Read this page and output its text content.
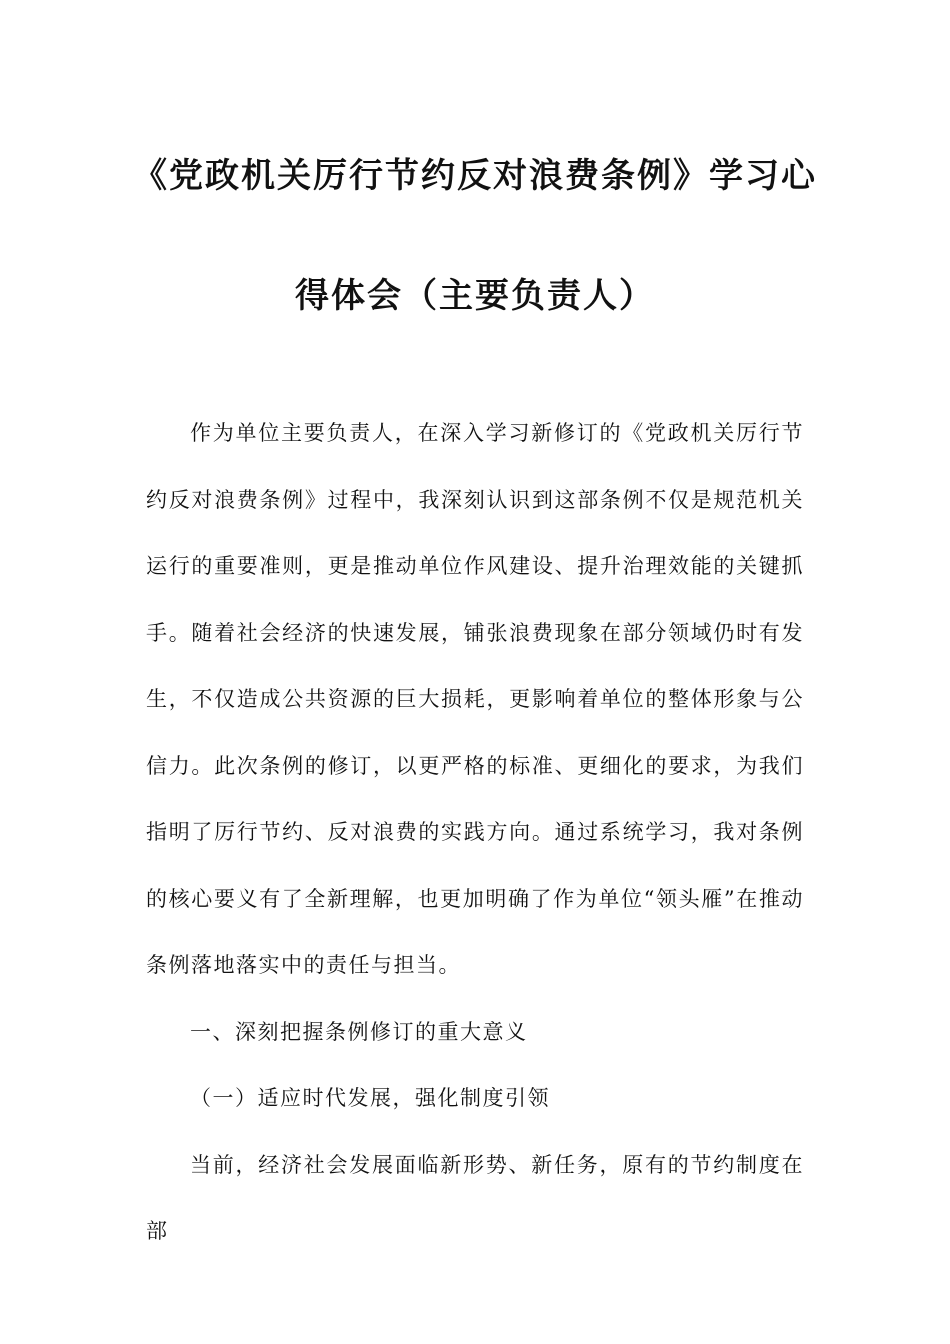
《党政机关厉行节约反对浪费条例》学习心
得体会（主要负责人）

作为单位主要负责人，在深入学习新修订的《党政机关厉行节约反对浪费条例》过程中，我深刻认识到这部条例不仅是规范机关运行的重要准则，更是推动单位作风建设、提升治理效能的关键抓手。随着社会经济的快速发展，铺张浪费现象在部分领域仍时有发生，不仅造成公共资源的巨大损耗，更影响着单位的整体形象与公信力。此次条例的修订，以更严格的标准、更细化的要求，为我们指明了厉行节约、反对浪费的实践方向。通过系统学习，我对条例的核心要义有了全新理解，也更加明确了作为单位“领头雁”在推动条例落地落实中的责任与担当。

一、深刻把握条例修订的重大意义

（一）适应时代发展，强化制度引领

当前，经济社会发展面临新形势、新任务，原有的节约制度在部
